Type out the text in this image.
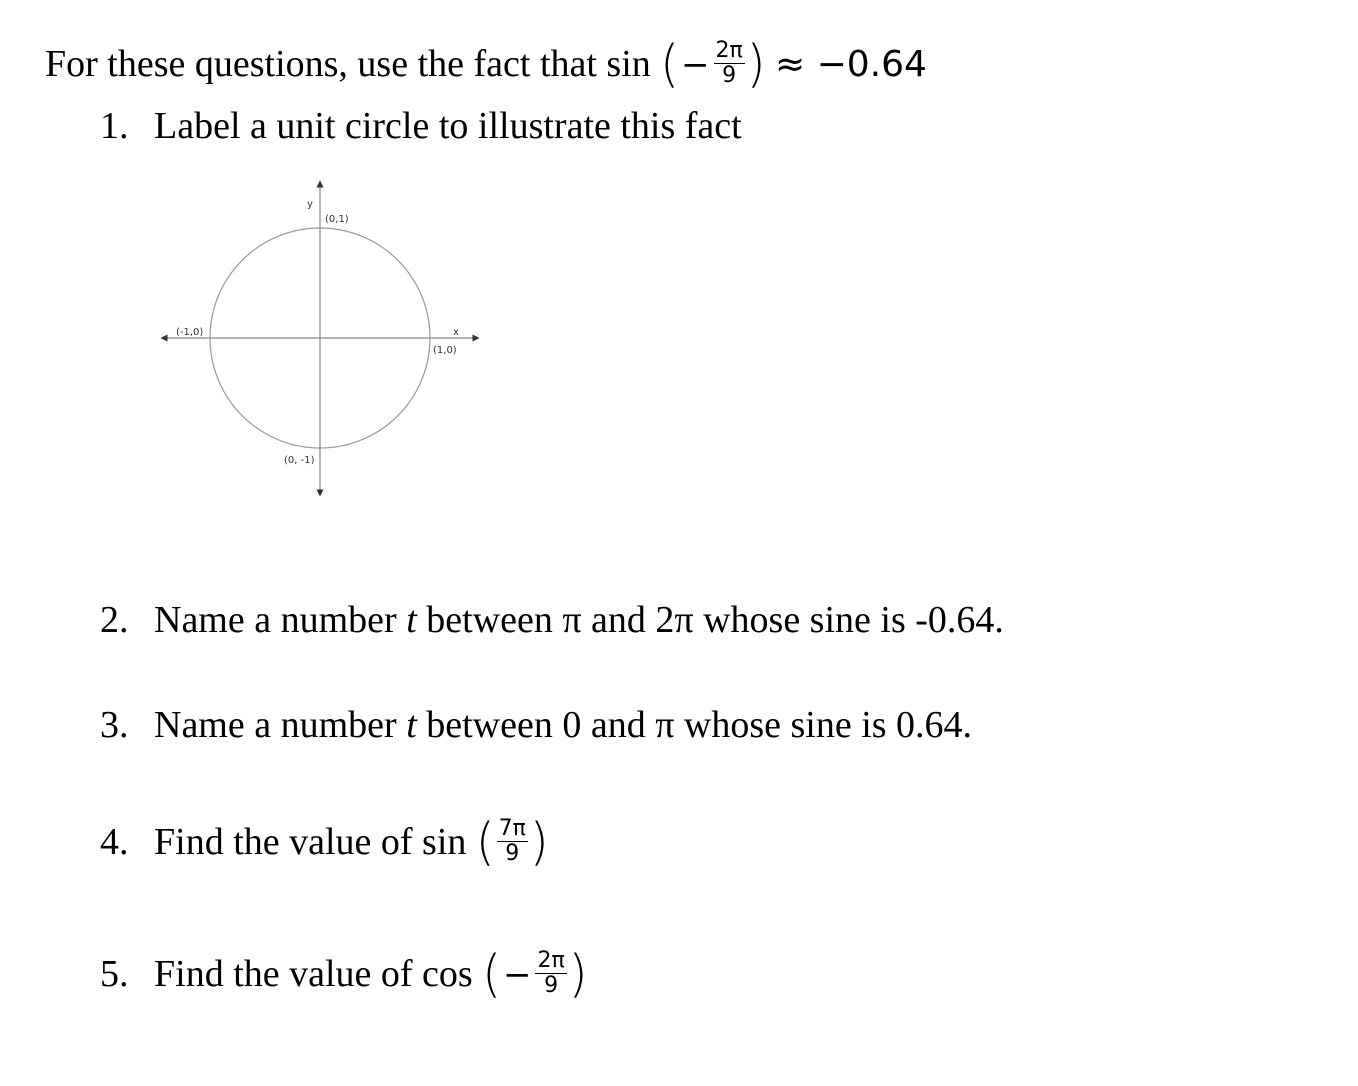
For these questions, use the fact that sin (− $\frac{2\pi}{9}$ ) ≈ −0.64
1. Label a unit circle to illustrate this fact
y
x
(0,1)
(1,0)
(-1,0)
(0, -1)
2. Name a number t between π and 2π whose sine is -0.64.
3. Name a number t between 0 and π whose sine is 0.64.
4. Find the value of sin ( $\frac{7\pi}{9}$ )
5. Find the value of cos (− $\frac{2\pi}{9}$ )
